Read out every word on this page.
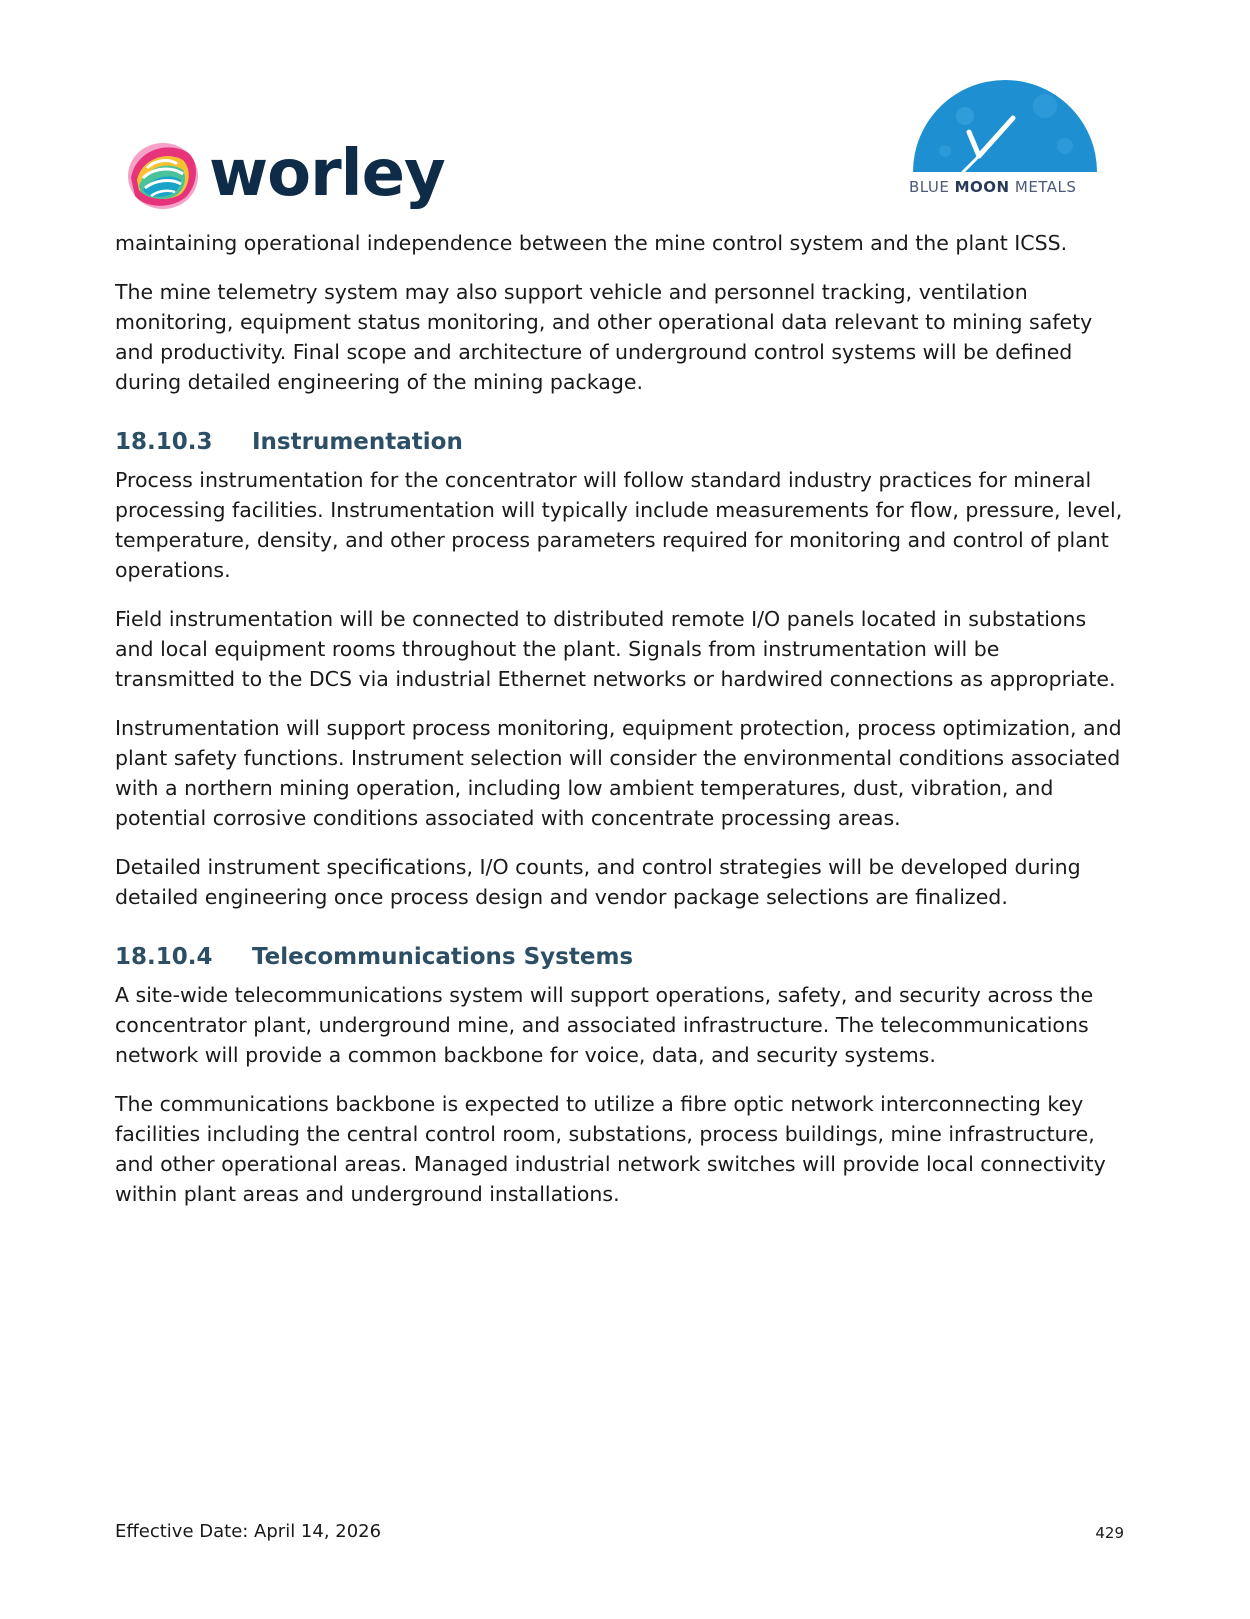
worley	BLUE MOON METALS

maintaining operational independence between the mine control system and the plant ICSS.

The mine telemetry system may also support vehicle and personnel tracking, ventilation monitoring, equipment status monitoring, and other operational data relevant to mining safety and productivity. Final scope and architecture of underground control systems will be defined during detailed engineering of the mining package.

18.10.3 Instrumentation

Process instrumentation for the concentrator will follow standard industry practices for mineral processing facilities. Instrumentation will typically include measurements for flow, pressure, level, temperature, density, and other process parameters required for monitoring and control of plant operations.

Field instrumentation will be connected to distributed remote I/O panels located in substations and local equipment rooms throughout the plant. Signals from instrumentation will be transmitted to the DCS via industrial Ethernet networks or hardwired connections as appropriate.

Instrumentation will support process monitoring, equipment protection, process optimization, and plant safety functions. Instrument selection will consider the environmental conditions associated with a northern mining operation, including low ambient temperatures, dust, vibration, and potential corrosive conditions associated with concentrate processing areas.

Detailed instrument specifications, I/O counts, and control strategies will be developed during detailed engineering once process design and vendor package selections are finalized.

18.10.4 Telecommunications Systems

A site-wide telecommunications system will support operations, safety, and security across the concentrator plant, underground mine, and associated infrastructure. The telecommunications network will provide a common backbone for voice, data, and security systems.

The communications backbone is expected to utilize a fibre optic network interconnecting key facilities including the central control room, substations, process buildings, mine infrastructure, and other operational areas. Managed industrial network switches will provide local connectivity within plant areas and underground installations.

Effective Date: April 14, 2026	429
